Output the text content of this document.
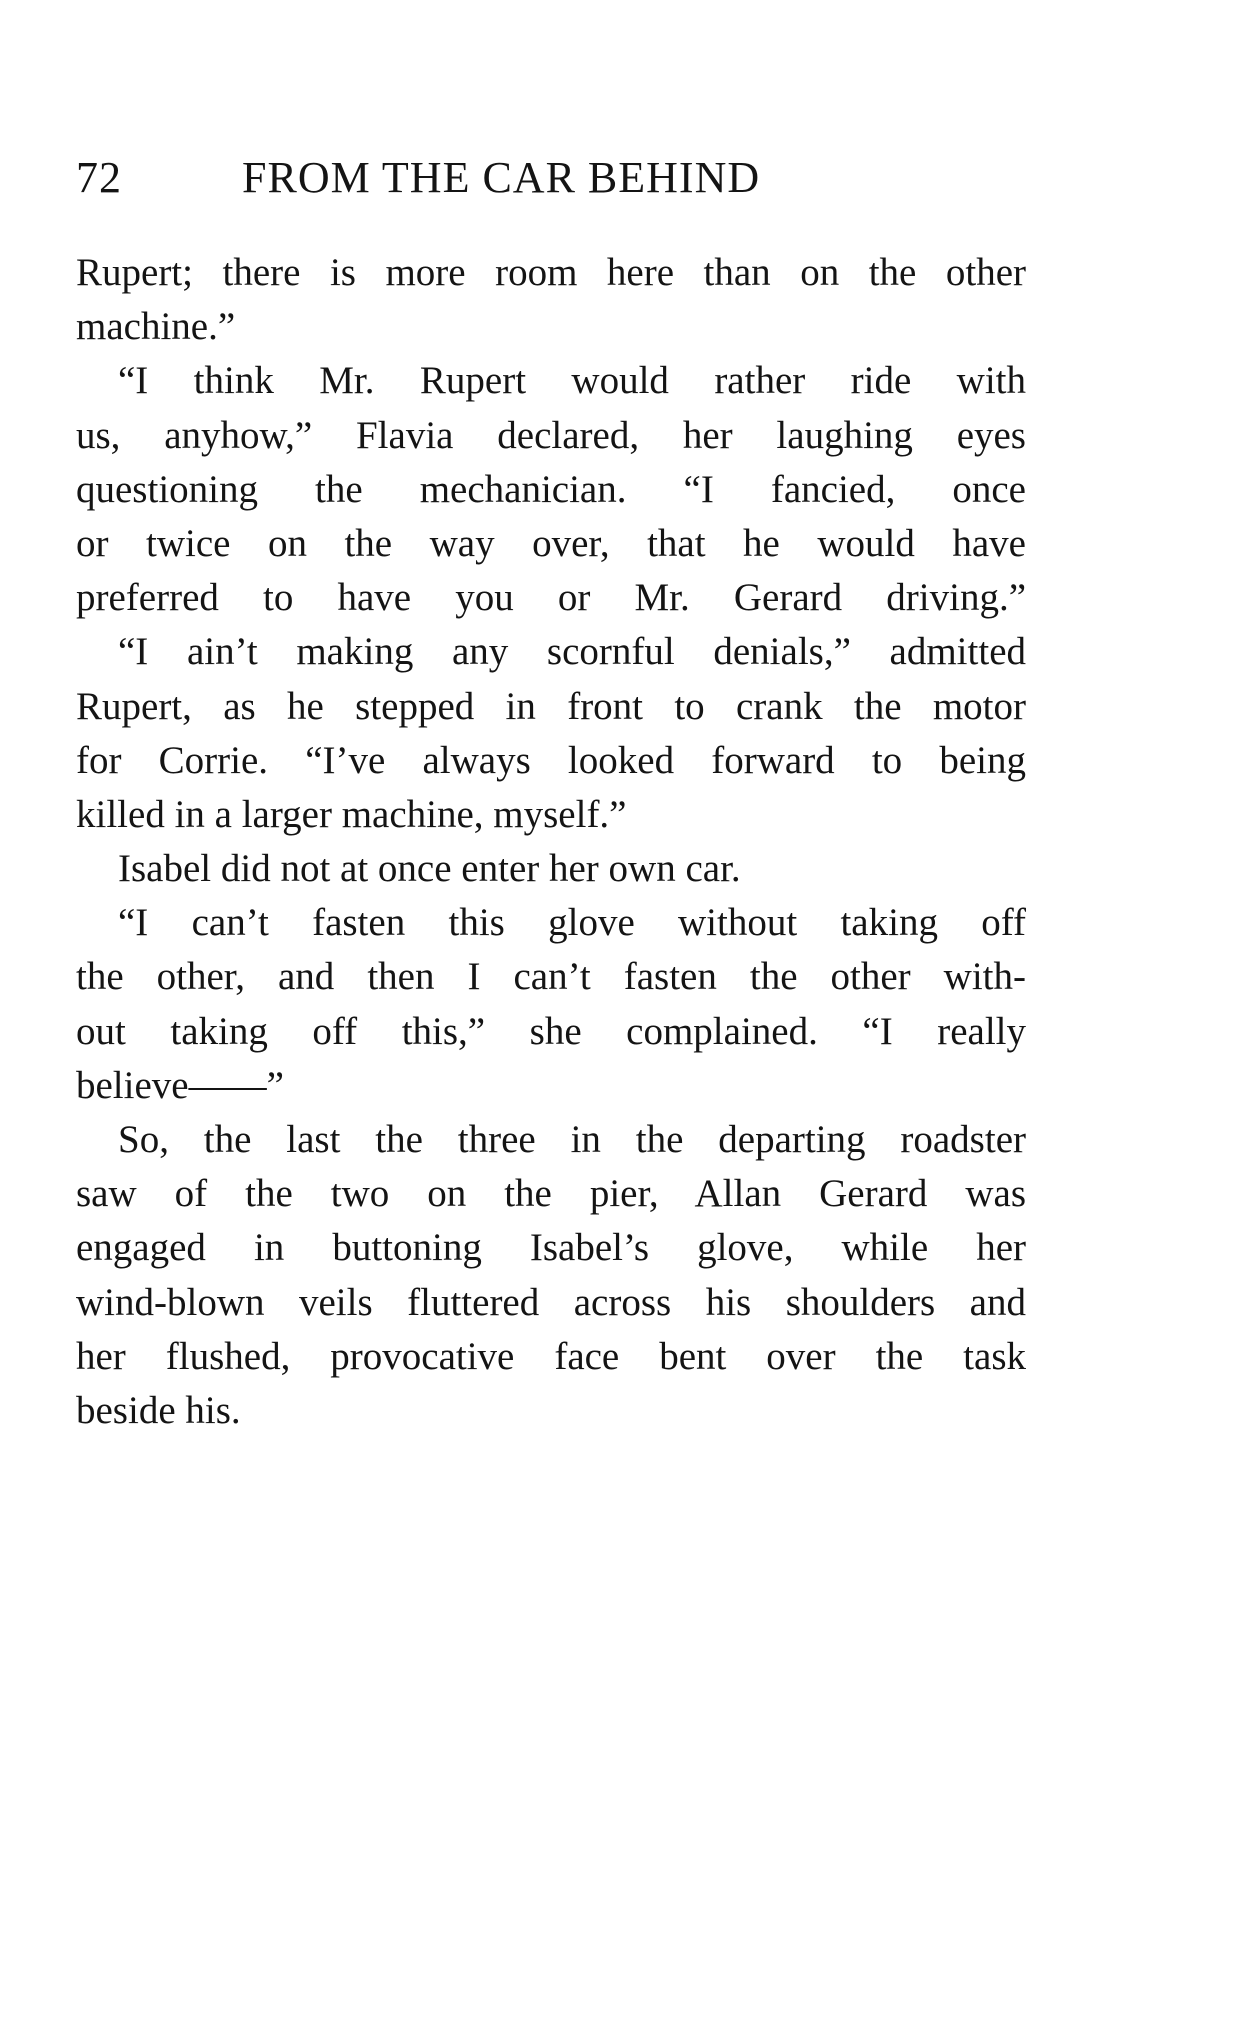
72	FROM THE CAR BEHIND
Rupert; there is more room here than on the other
machine.”
“I think Mr. Rupert would rather ride with
us, anyhow,” Flavia declared, her laughing eyes
questioning the mechanician. “I fancied, once
or twice on the way over, that he would have
preferred to have you or Mr. Gerard driving.”
“I ain’t making any scornful denials,” admitted
Rupert, as he stepped in front to crank the motor
for Corrie. “I’ve always looked forward to being
killed in a larger machine, myself.”
Isabel did not at once enter her own car.
“I can’t fasten this glove without taking off
the other, and then I can’t fasten the other with-
out taking off this,” she complained. “I really
believe——”
So, the last the three in the departing roadster
saw of the two on the pier, Allan Gerard was
engaged in buttoning Isabel’s glove, while her
wind-blown veils fluttered across his shoulders and
her flushed, provocative face bent over the task
beside his.
